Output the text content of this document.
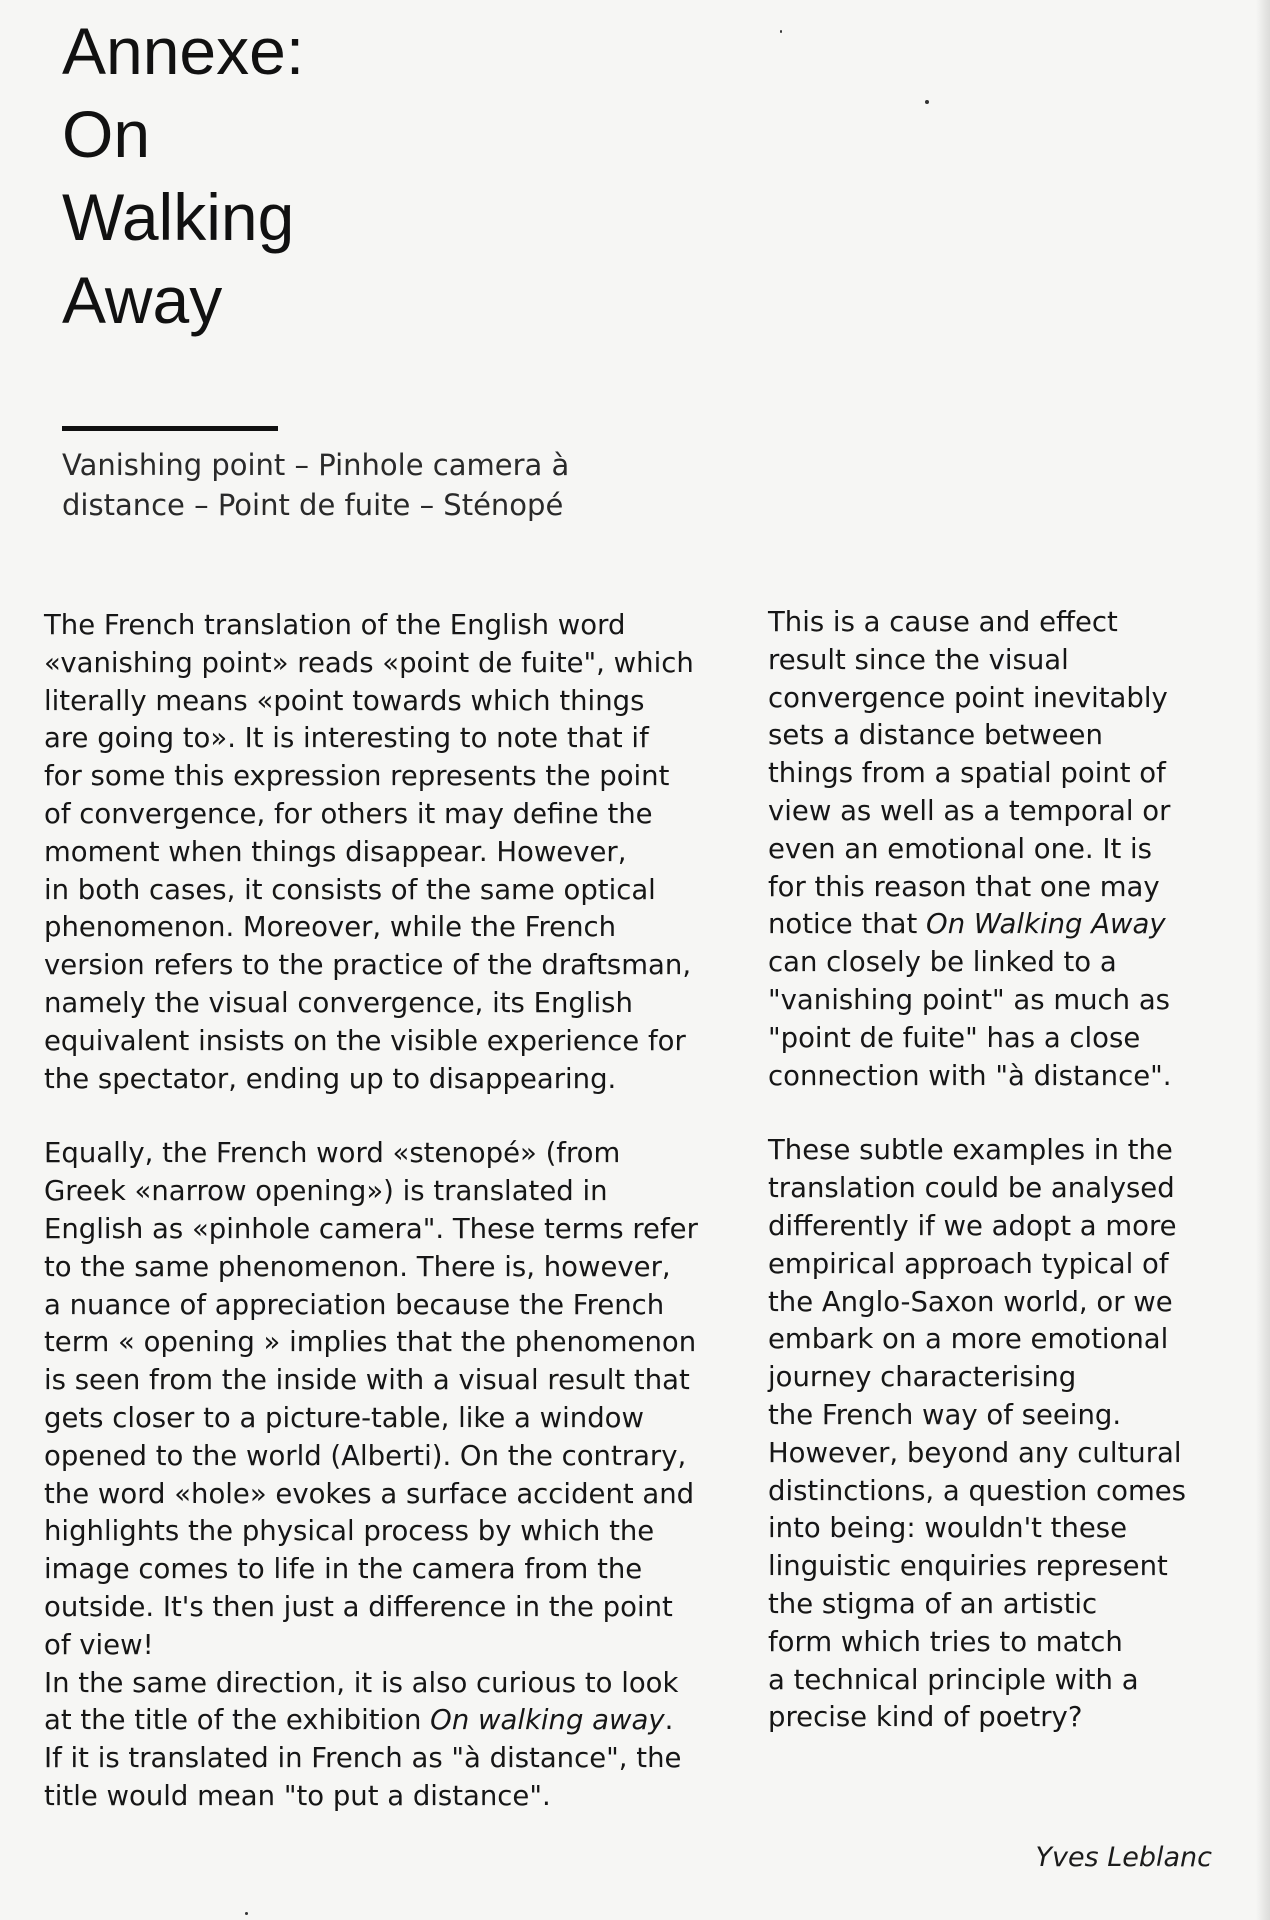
Annexe:
On
Walking
Away
Vanishing point – Pinhole camera à
distance – Point de fuite – Sténopé
The French translation of the English word
«vanishing point» reads «point de fuite", which
literally means «point towards which things
are going to». It is interesting to note that if
for some this expression represents the point
of convergence, for others it may define the
moment when things disappear. However,
in both cases, it consists of the same optical
phenomenon. Moreover, while the French
version refers to the practice of the draftsman,
namely the visual convergence, its English
equivalent insists on the visible experience for
the spectator, ending up to disappearing.
Equally, the French word «stenopé» (from
Greek «narrow opening») is translated in
English as «pinhole camera". These terms refer
to the same phenomenon. There is, however,
a nuance of appreciation because the French
term « opening » implies that the phenomenon
is seen from the inside with a visual result that
gets closer to a picture-table, like a window
opened to the world (Alberti). On the contrary,
the word «hole» evokes a surface accident and
highlights the physical process by which the
image comes to life in the camera from the
outside. It's then just a difference in the point
of view!
In the same direction, it is also curious to look
at the title of the exhibition On walking away.
If it is translated in French as "à distance", the
title would mean "to put a distance".
This is a cause and effect
result since the visual
convergence point inevitably
sets a distance between
things from a spatial point of
view as well as a temporal or
even an emotional one. It is
for this reason that one may
notice that On Walking Away
can closely be linked to a
"vanishing point" as much as
"point de fuite" has a close
connection with "à distance".
These subtle examples in the
translation could be analysed
differently if we adopt a more
empirical approach typical of
the Anglo-Saxon world, or we
embark on a more emotional
journey characterising
the French way of seeing.
However, beyond any cultural
distinctions, a question comes
into being: wouldn't these
linguistic enquiries represent
the stigma of an artistic
form which tries to match
a technical principle with a
precise kind of poetry?
Yves Leblanc
